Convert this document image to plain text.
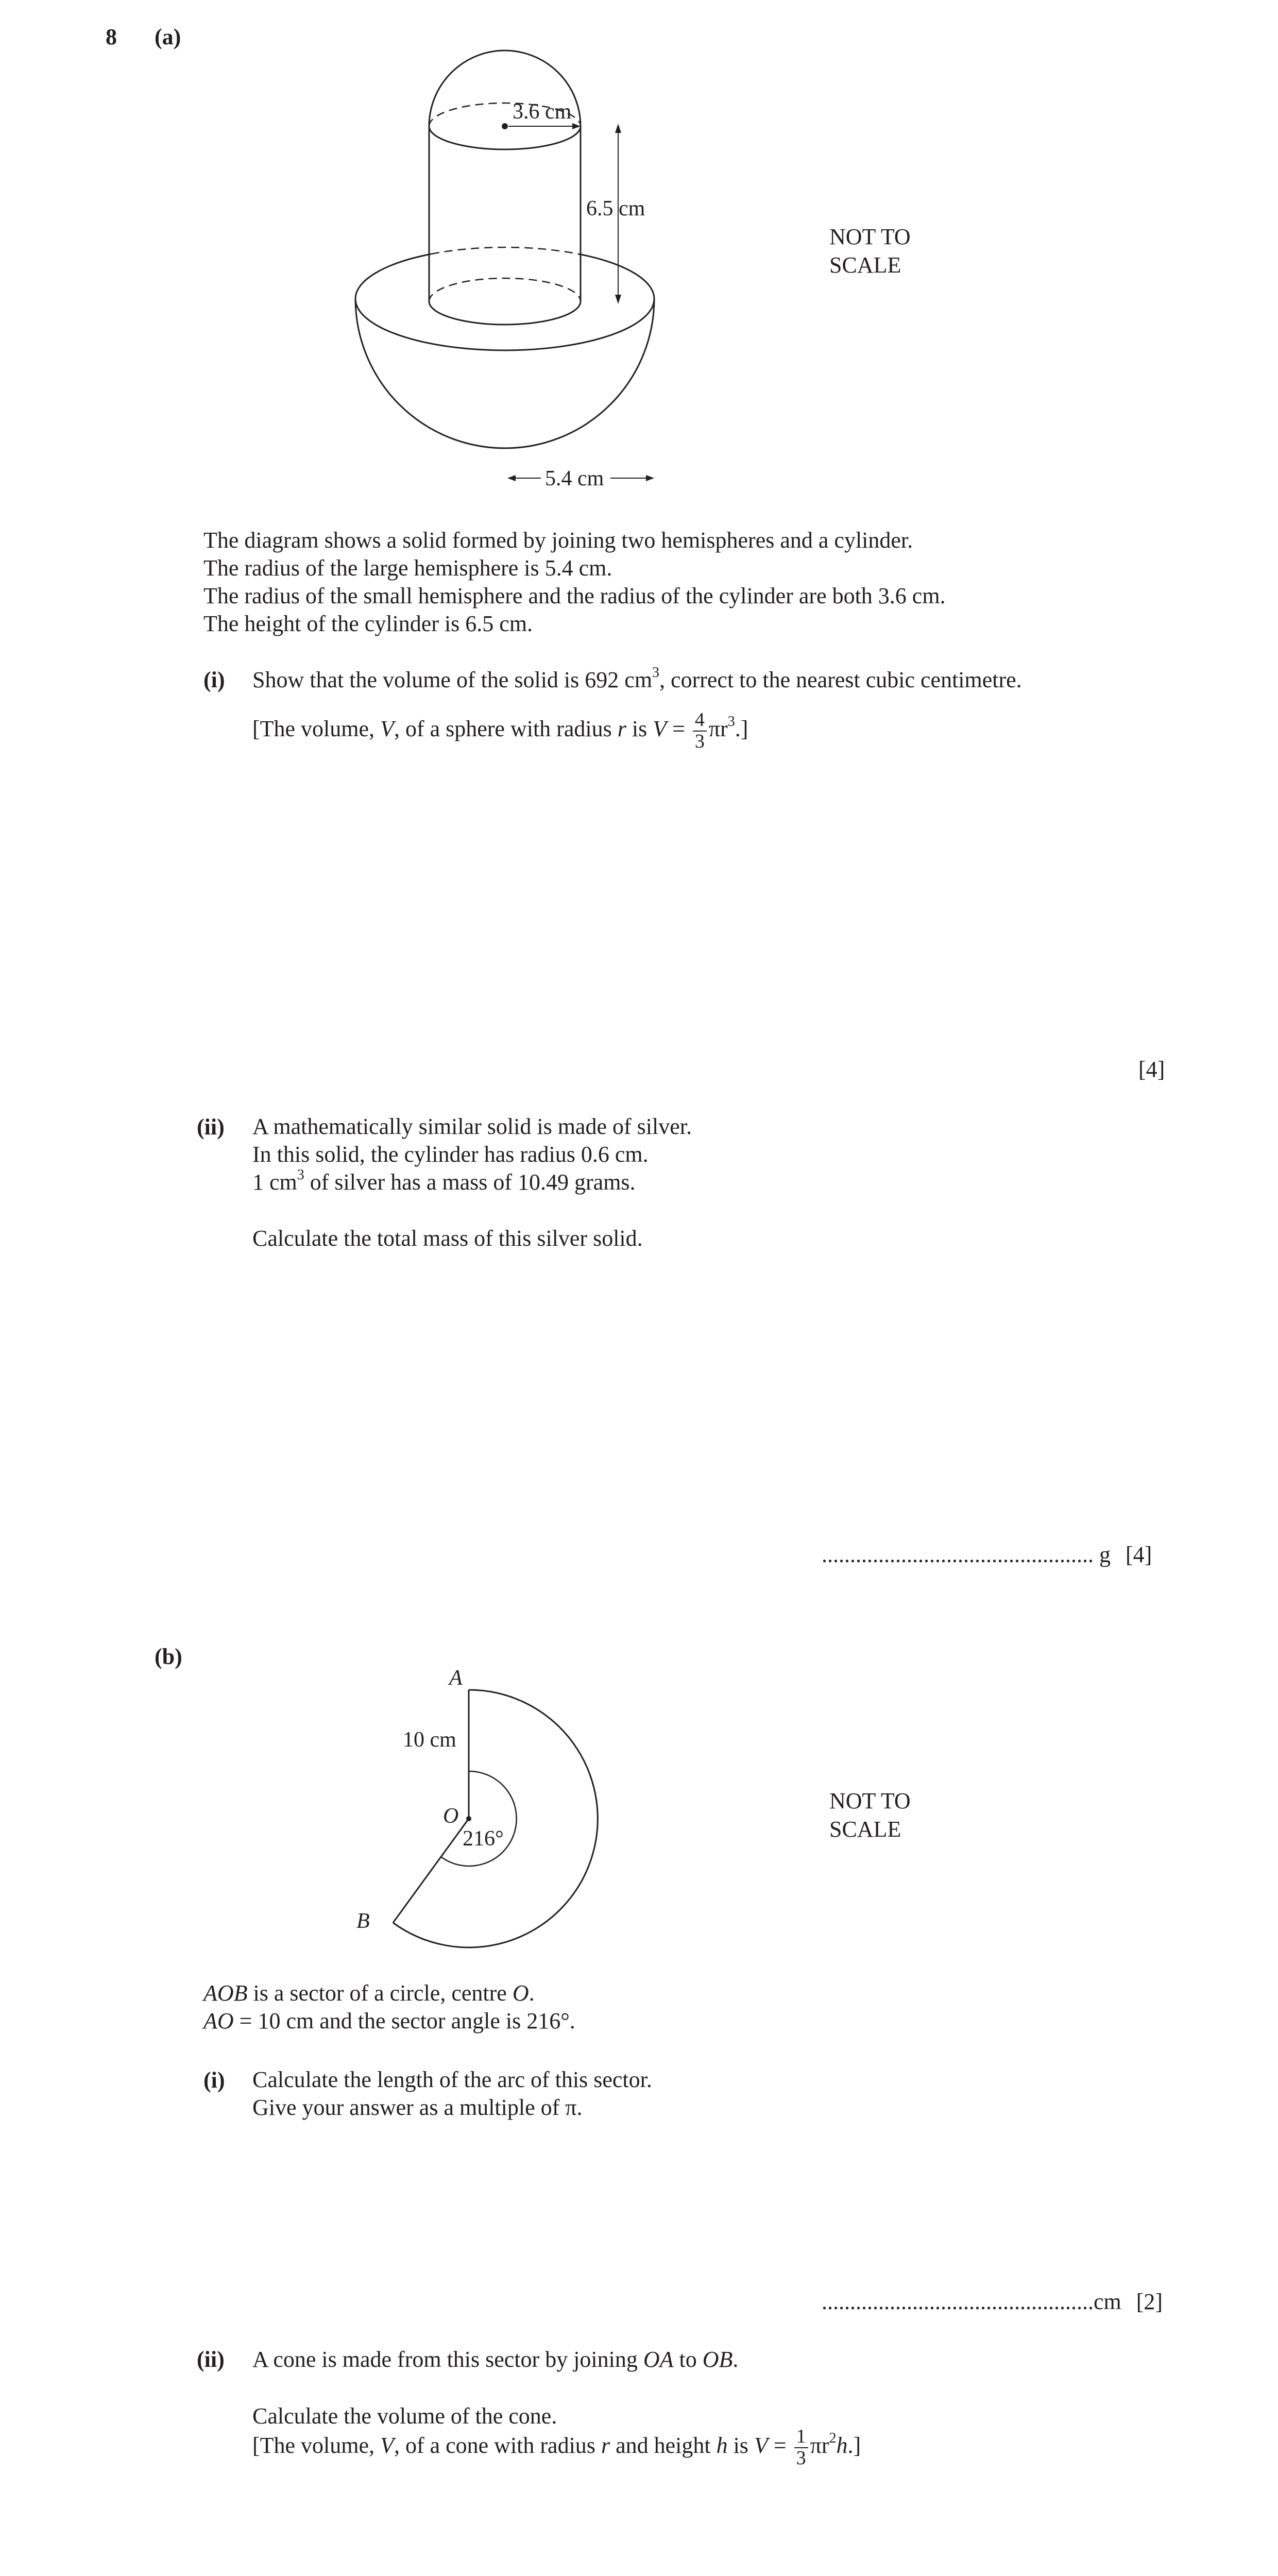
8 (a)
3.6 cm
6.5 cm
5.4 cm
NOT TO
SCALE
The diagram shows a solid formed by joining two hemispheres and a cylinder.
The radius of the large hemisphere is 5.4 cm.
The radius of the small hemisphere and the radius of the cylinder are both 3.6 cm.
The height of the cylinder is 6.5 cm.
(i) Show that the volume of the solid is 692 $cm^3$, correct to the nearest cubic centimetre.
[The volume, V, of a sphere with radius r is $V = \frac{4}{3} \pi r^3$.]
[4]
(ii) A mathematically similar solid is made of silver.
In this solid, the cylinder has radius 0.6 cm.
1 $cm^3$ of silver has a mass of 10.49 grams.
Calculate the total mass of this silver solid.
................................................ g [4]
(b)
A
O
B
10 cm
216°
NOT TO
SCALE
AOB is a sector of a circle, centre O.
AO = 10 cm and the sector angle is 216°.
(i) Calculate the length of the arc of this sector.
Give your answer as a multiple of π.
................................................cm [2]
(ii) A cone is made from this sector by joining OA to OB.
Calculate the volume of the cone.
[The volume, V, of a cone with radius r and height h is $V = \frac{1}{3} \pi r^2h$.]
